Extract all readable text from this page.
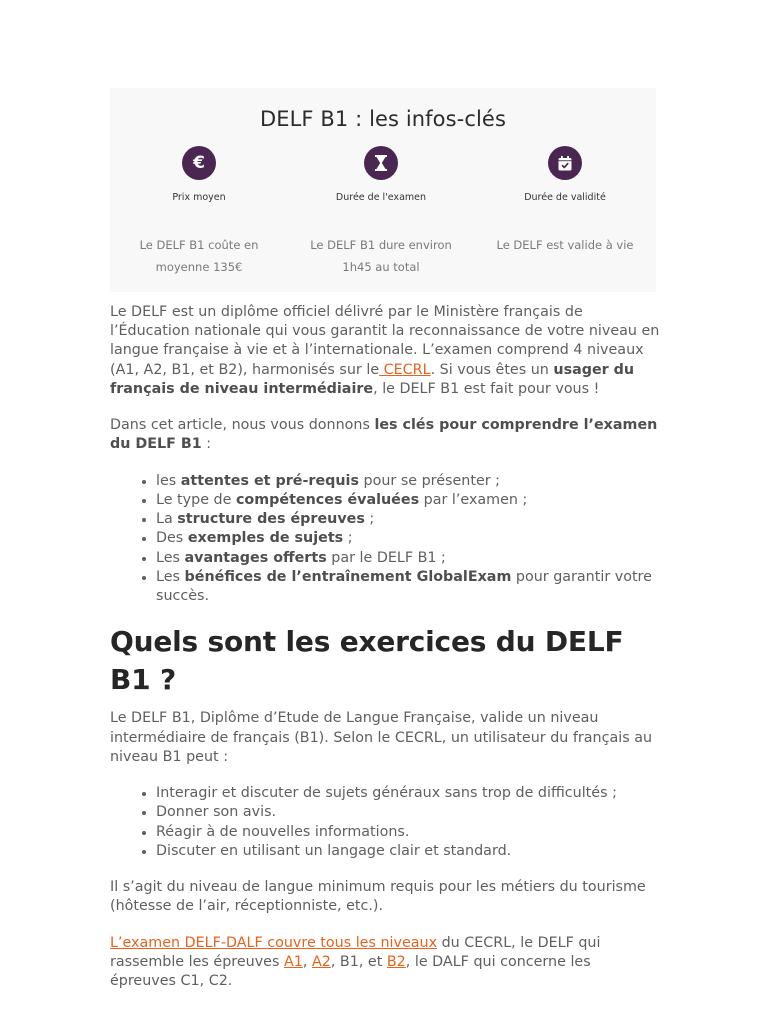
DELF B1 : les infos-clés
€
Prix moyen
Le DELF B1 coûte en moyenne 135€
Durée de l'examen
Le DELF B1 dure environ 1h45 au total
Durée de validité
Le DELF est valide à vie

Le DELF est un diplôme officiel délivré par le Ministère français de l’Éducation nationale qui vous garantit la reconnaissance de votre niveau en langue française à vie et à l’internationale. L’examen comprend 4 niveaux (A1, A2, B1, et B2), harmonisés sur le CECRL. Si vous êtes un usager du français de niveau intermédiaire, le DELF B1 est fait pour vous !

Dans cet article, nous vous donnons les clés pour comprendre l’examen du DELF B1 :

• les attentes et pré-requis pour se présenter ;
• Le type de compétences évaluées par l’examen ;
• La structure des épreuves ;
• Des exemples de sujets ;
• Les avantages offerts par le DELF B1 ;
• Les bénéfices de l’entraînement GlobalExam pour garantir votre succès.
Quels sont les exercices du DELF B1 ?

Le DELF B1, Diplôme d’Etude de Langue Française, valide un niveau intermédiaire de français (B1). Selon le CECRL, un utilisateur du français au niveau B1 peut :

• Interagir et discuter de sujets généraux sans trop de difficultés ;
• Donner son avis.
• Réagir à de nouvelles informations.
• Discuter en utilisant un langage clair et standard.

Il s’agit du niveau de langue minimum requis pour les métiers du tourisme (hôtesse de l’air, réceptionniste, etc.).

L’examen DELF-DALF couvre tous les niveaux du CECRL, le DELF qui rassemble les épreuves A1, A2, B1, et B2, le DALF qui concerne les épreuves C1, C2.
